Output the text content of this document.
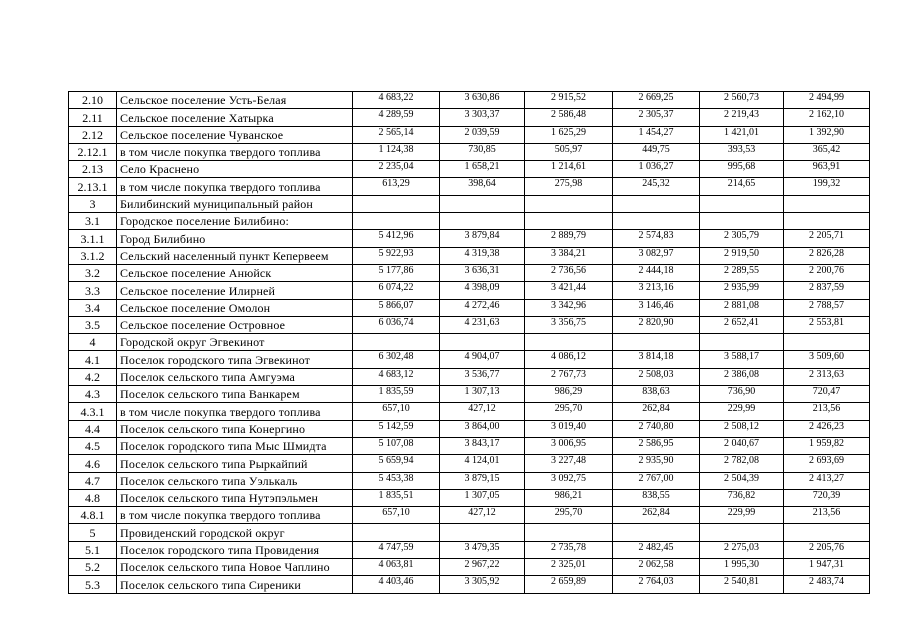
2.10	Сельское поселение Усть-Белая	4 683,22	3 630,86	2 915,52	2 669,25	2 560,73	2 494,99
2.11	Сельское поселение Хатырка	4 289,59	3 303,37	2 586,48	2 305,37	2 219,43	2 162,10
2.12	Сельское поселение Чуванское	2 565,14	2 039,59	1 625,29	1 454,27	1 421,01	1 392,90
2.12.1	в том числе покупка твердого топлива	1 124,38	730,85	505,97	449,75	393,53	365,42
2.13	Село Краснено	2 235,04	1 658,21	1 214,61	1 036,27	995,68	963,91
2.13.1	в том числе покупка твердого топлива	613,29	398,64	275,98	245,32	214,65	199,32
3	Билибинский муниципальный район						
3.1	Городское поселение Билибино:						
3.1.1	Город Билибино	5 412,96	3 879,84	2 889,79	2 574,83	2 305,79	2 205,71
3.1.2	Сельский населенный пункт Кепервеем	5 922,93	4 319,38	3 384,21	3 082,97	2 919,50	2 826,28
3.2	Сельское поселение Анюйск	5 177,86	3 636,31	2 736,56	2 444,18	2 289,55	2 200,76
3.3	Сельское поселение Илирней	6 074,22	4 398,09	3 421,44	3 213,16	2 935,99	2 837,59
3.4	Сельское поселение Омолон	5 866,07	4 272,46	3 342,96	3 146,46	2 881,08	2 788,57
3.5	Сельское поселение Островное	6 036,74	4 231,63	3 356,75	2 820,90	2 652,41	2 553,81
4	Городской округ Эгвекинот						
4.1	Поселок городского типа Эгвекинот	6 302,48	4 904,07	4 086,12	3 814,18	3 588,17	3 509,60
4.2	Поселок сельского типа Амгуэма	4 683,12	3 536,77	2 767,73	2 508,03	2 386,08	2 313,63
4.3	Поселок сельского типа Ванкарем	1 835,59	1 307,13	986,29	838,63	736,90	720,47
4.3.1	в том числе покупка твердого топлива	657,10	427,12	295,70	262,84	229,99	213,56
4.4	Поселок сельского типа Конергино	5 142,59	3 864,00	3 019,40	2 740,80	2 508,12	2 426,23
4.5	Поселок городского типа Мыс Шмидта	5 107,08	3 843,17	3 006,95	2 586,95	2 040,67	1 959,82
4.6	Поселок сельского типа Рыркайпий	5 659,94	4 124,01	3 227,48	2 935,90	2 782,08	2 693,69
4.7	Поселок сельского типа Уэлькаль	5 453,38	3 879,15	3 092,75	2 767,00	2 504,39	2 413,27
4.8	Поселок сельского типа Нутэпэльмен	1 835,51	1 307,05	986,21	838,55	736,82	720,39
4.8.1	в том числе покупка твердого топлива	657,10	427,12	295,70	262,84	229,99	213,56
5	Провиденский городской округ						
5.1	Поселок городского типа Провидения	4 747,59	3 479,35	2 735,78	2 482,45	2 275,03	2 205,76
5.2	Поселок сельского типа Новое Чаплино	4 063,81	2 967,22	2 325,01	2 062,58	1 995,30	1 947,31
5.3	Поселок сельского типа Сиреники	4 403,46	3 305,92	2 659,89	2 764,03	2 540,81	2 483,74
